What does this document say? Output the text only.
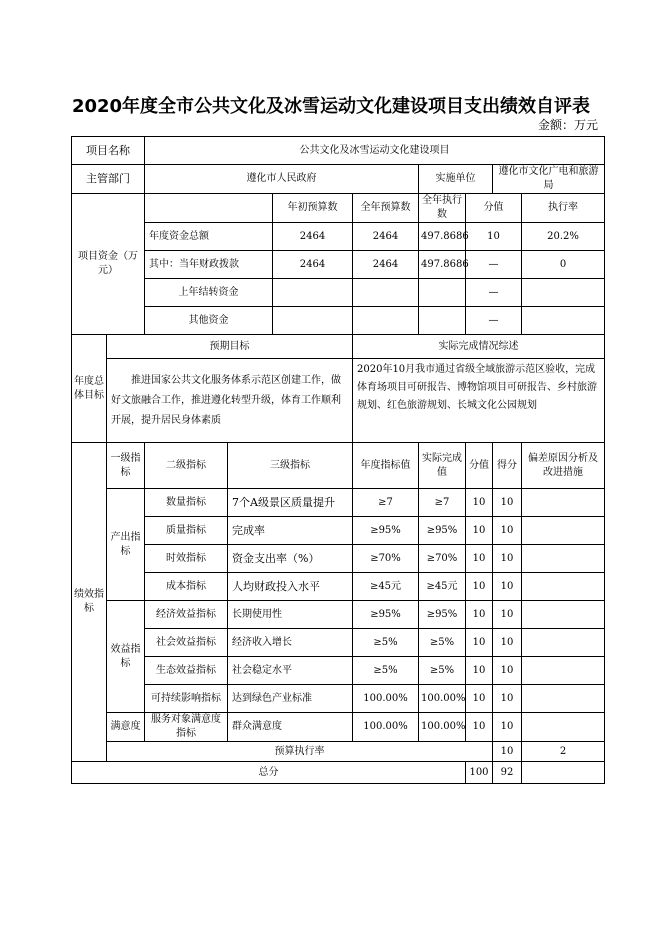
2020年度全市公共文化及冰雪运动文化建设项目支出绩效自评表
金额：万元
项目名称		公共文化及冰雪运动文化建设项目								
主管部门		遵化市人民政府				实施单位		遵化市文化广电和旅游局		
项目资金（万元）				年初预算数	全年预算数	全年执行数	分值		执行率	
		年度资金总额		2464	2464	497.8686	10		20.2%	
		其中：当年财政拨款		2464	2464	497.8686	—		0	
		上年结转资金					—			
		其他资金					—			
年度总体目标	预期目标				实际完成情况综述					
	推进国家公共文化服务体系示范区创建工作，做好文旅融合工作，推进遵化转型升级，体育工作顺利开展，提升居民身体素质				2020年10月我市通过省级全域旅游示范区验收，完成体育场项目可研报告、博物馆项目可研报告、乡村旅游规划、红色旅游规划、长城文化公园规划					
绩效指标	一级指标	二级指标	三级指标		年度指标值	实际完成值	分值	得分	偏差原因分析及改进措施	
	产出指标	数量指标	7个A级景区质量提升		≥7	≥7	10	10		
		质量指标	完成率		≥95%	≥95%	10	10		
		时效指标	资金支出率（%）		≥70%	≥70%	10	10		
		成本指标	人均财政投入水平		≥45元	≥45元	10	10		
	效益指标	经济效益指标	长期使用性		≥95%	≥95%	10	10		
		社会效益指标	经济收入增长		≥5%	≥5%	10	10		
		生态效益指标	社会稳定水平		≥5%	≥5%	10	10		
		可持续影响指标	达到绿色产业标准		100.00%	100.00%	10	10		
	满意度	服务对象满意度指标	群众满意度		100.00%	100.00%	10	10		
	预算执行率							10	2	
总分							100	92		
